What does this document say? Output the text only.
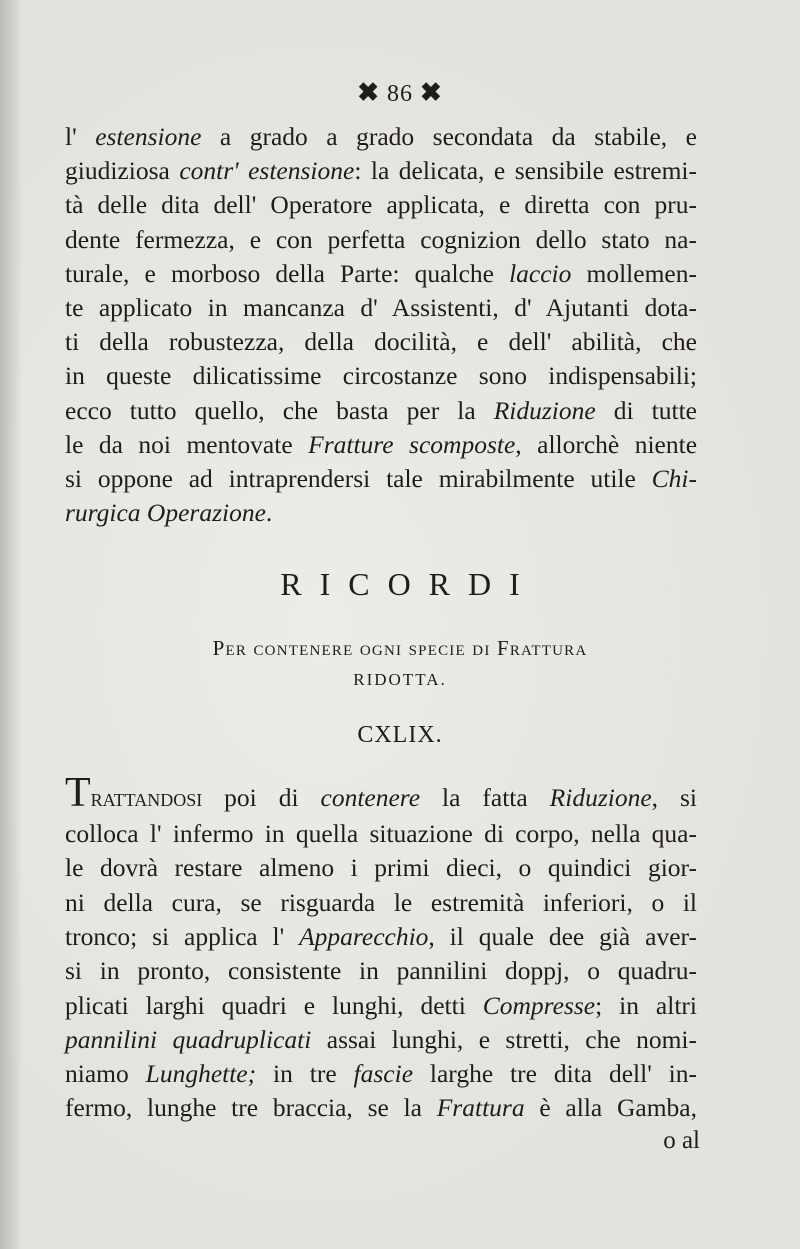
✖ 86 ✖
l' estensione a grado a grado secondata da stabile, e
giudiziosa contr' estensione: la delicata, e sensibile estremi-
tà delle dita dell' Operatore applicata, e diretta con pru-
dente fermezza, e con perfetta cognizion dello stato na-
turale, e morboso della Parte: qualche laccio mollemen-
te applicato in mancanza d' Assistenti, d' Ajutanti dota-
ti della robustezza, della docilità, e dell' abilità, che
in queste dilicatissime circostanze sono indispensabili;
ecco tutto quello, che basta per la Riduzione di tutte
le da noi mentovate Fratture scomposte, allorchè niente
si oppone ad intraprendersi tale mirabilmente utile Chi-
rurgica Operazione.
RICORDI
Per contenere ogni specie di Frattura
RIDOTTA.
CXLIX.
Trattandosi poi di contenere la fatta Riduzione, si
colloca l' infermo in quella situazione di corpo, nella qua-
le dovrà restare almeno i primi dieci, o quindici gior-
ni della cura, se risguarda le estremità inferiori, o il
tronco; si applica l' Apparecchio, il quale dee già aver-
si in pronto, consistente in pannilini doppj, o quadru-
plicati larghi quadri e lunghi, detti Compresse; in altri
pannilini quadruplicati assai lunghi, e stretti, che nomi-
niamo Lunghette; in tre fascie larghe tre dita dell' in-
fermo, lunghe tre braccia, se la Frattura è alla Gamba,
o al
